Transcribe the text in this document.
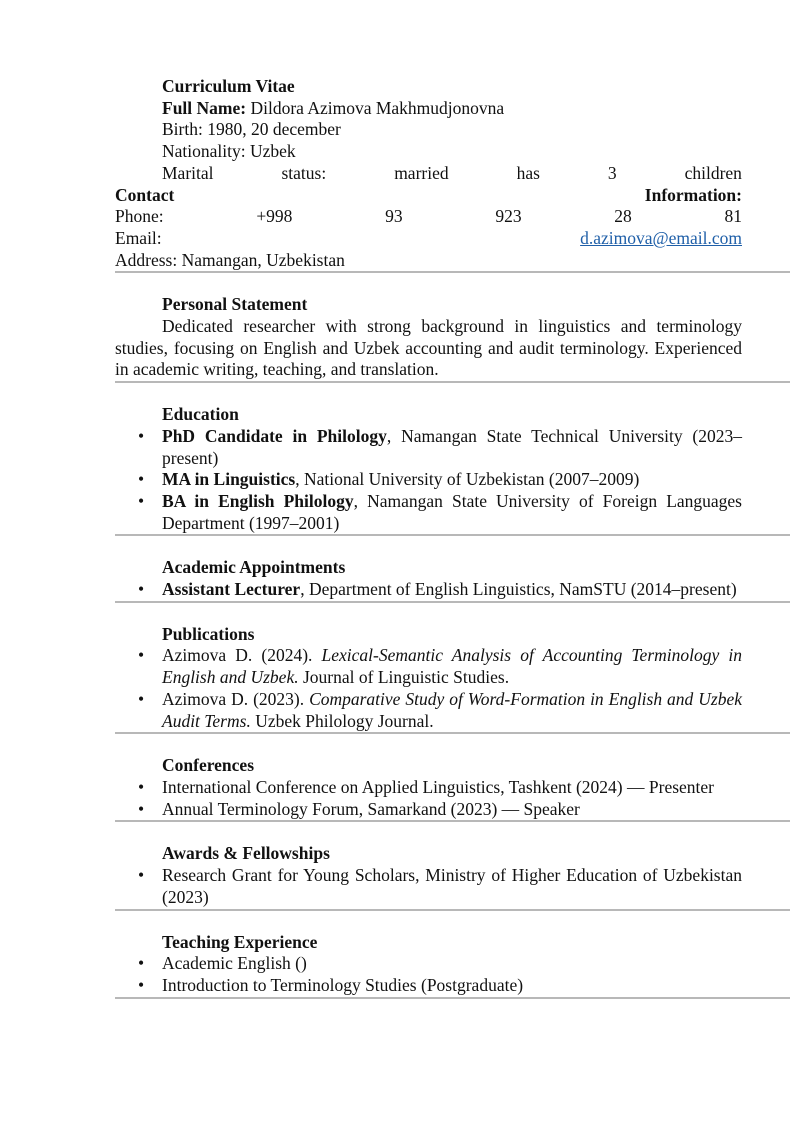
Curriculum Vitae
Full Name: Dildora Azimova Makhmudjonovna
Birth: 1980, 20 december
Nationality: Uzbek
Marital	status:	married	has	3	children
Contact	Information:
Phone:	+998	93	923	28	81
Email:	d.azimova@email.com
Address: Namangan, Uzbekistan
Personal Statement
Dedicated researcher with strong background in linguistics and terminology studies, focusing on English and Uzbek accounting and audit terminology. Experienced in academic writing, teaching, and translation.
Education
• PhD Candidate in Philology, Namangan State Technical University (2023–present)
• MA in Linguistics, National University of Uzbekistan (2007–2009)
• BA in English Philology, Namangan State University of Foreign Languages Department (1997–2001)
Academic Appointments
• Assistant Lecturer, Department of English Linguistics, NamSTU (2014–present)
Publications
• Azimova D. (2024). Lexical-Semantic Analysis of Accounting Terminology in English and Uzbek. Journal of Linguistic Studies.
• Azimova D. (2023). Comparative Study of Word-Formation in English and Uzbek Audit Terms. Uzbek Philology Journal.
Conferences
• International Conference on Applied Linguistics, Tashkent (2024) — Presenter
• Annual Terminology Forum, Samarkand (2023) — Speaker
Awards & Fellowships
• Research Grant for Young Scholars, Ministry of Higher Education of Uzbekistan (2023)
Teaching Experience
• Academic English ()
• Introduction to Terminology Studies (Postgraduate)
